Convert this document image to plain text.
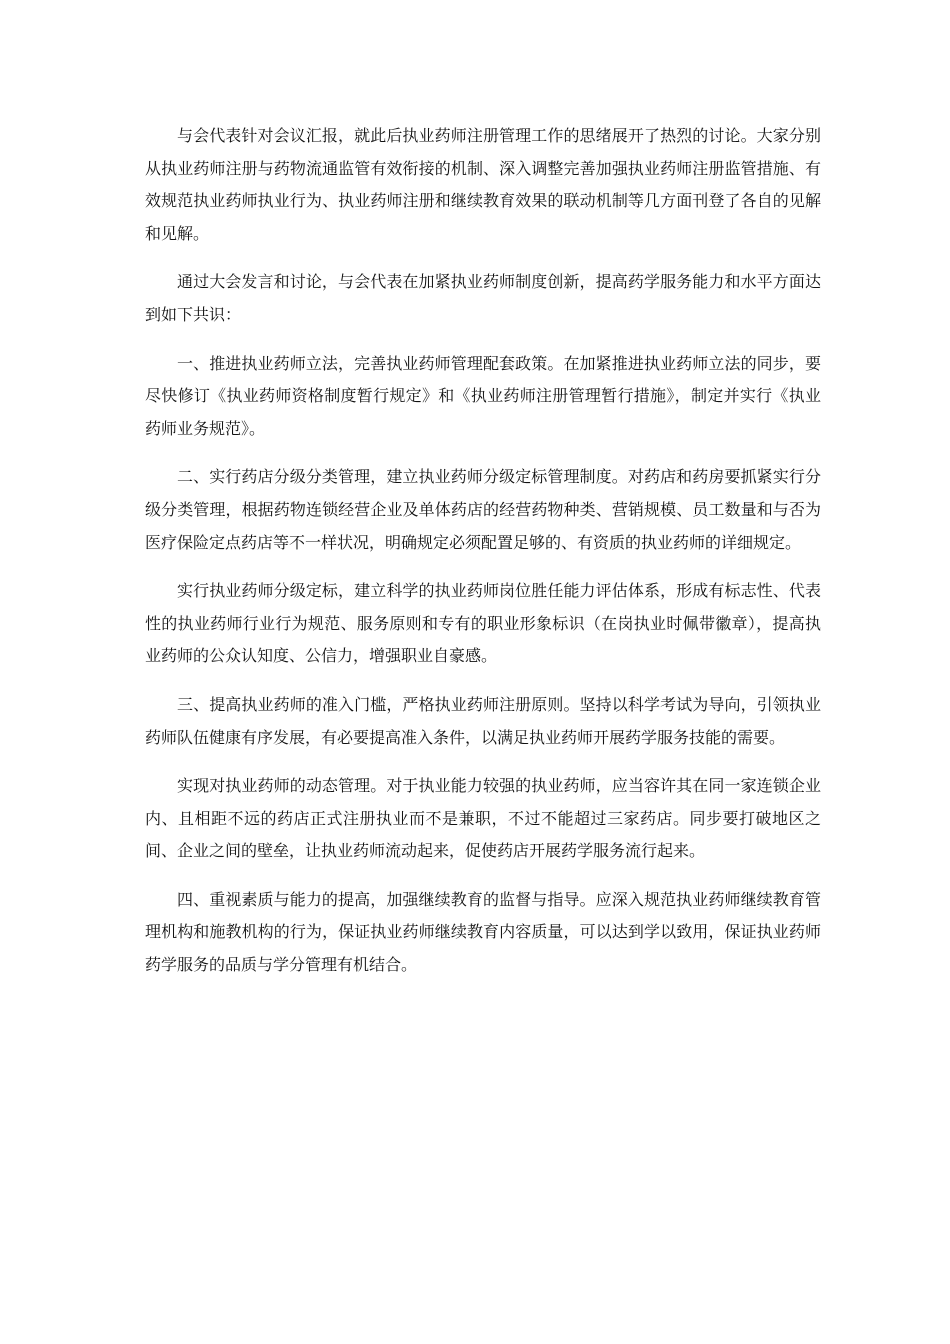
与会代表针对会议汇报，就此后执业药师注册管理工作的思绪展开了热烈的讨论。大家分别从执业药师注册与药物流通监管有效衔接的机制、深入调整完善加强执业药师注册监管措施、有效规范执业药师执业行为、执业药师注册和继续教育效果的联动机制等几方面刊登了各自的见解和见解。

通过大会发言和讨论，与会代表在加紧执业药师制度创新，提高药学服务能力和水平方面达到如下共识：

一、推进执业药师立法，完善执业药师管理配套政策。在加紧推进执业药师立法的同步，要尽快修订《执业药师资格制度暂行规定》和《执业药师注册管理暂行措施》，制定并实行《执业药师业务规范》。

二、实行药店分级分类管理，建立执业药师分级定标管理制度。对药店和药房要抓紧实行分级分类管理，根据药物连锁经营企业及单体药店的经营药物种类、营销规模、员工数量和与否为医疗保险定点药店等不一样状况，明确规定必须配置足够的、有资质的执业药师的详细规定。

实行执业药师分级定标，建立科学的执业药师岗位胜任能力评估体系，形成有标志性、代表性的执业药师行业行为规范、服务原则和专有的职业形象标识（在岗执业时佩带徽章），提高执业药师的公众认知度、公信力，增强职业自豪感。

三、提高执业药师的准入门槛，严格执业药师注册原则。坚持以科学考试为导向，引领执业药师队伍健康有序发展，有必要提高准入条件，以满足执业药师开展药学服务技能的需要。

实现对执业药师的动态管理。对于执业能力较强的执业药师，应当容许其在同一家连锁企业内、且相距不远的药店正式注册执业而不是兼职，不过不能超过三家药店。同步要打破地区之间、企业之间的壁垒，让执业药师流动起来，促使药店开展药学服务流行起来。

四、重视素质与能力的提高，加强继续教育的监督与指导。应深入规范执业药师继续教育管理机构和施教机构的行为，保证执业药师继续教育内容质量，可以达到学以致用，保证执业药师药学服务的品质与学分管理有机结合。
